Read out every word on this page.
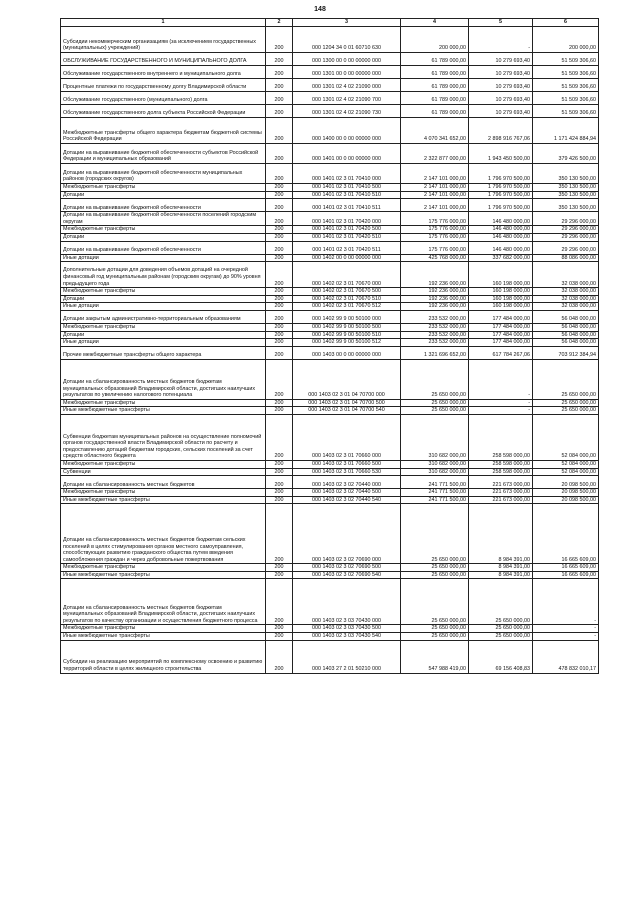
148
1	2	3	4	5	6
Субсидии некоммерческим организациям (за исключением государственных (муниципальных) учреждений)	200	000 1204 34 0 01 60710 630	200 000,00	-	200 000,00
ОБСЛУЖИВАНИЕ ГОСУДАРСТВЕННОГО И МУНИЦИПАЛЬНОГО ДОЛГА	200	000 1300 00 0 00 00000 000	61 789 000,00	10 279 693,40	51 509 306,60
Обслуживание государственного внутреннего и муниципального долга	200	000 1301 00 0 00 00000 000	61 789 000,00	10 279 693,40	51 509 306,60
Процентные платежи по государственному долгу Владимирской области	200	000 1301 02 4 02 21090 000	61 789 000,00	10 279 693,40	51 509 306,60
Обслуживание государственного (муниципального) долга	200	000 1301 02 4 02 21090 700	61 789 000,00	10 279 693,40	51 509 306,60
Обслуживание государственного долга субъекта Российской Федерации	200	000 1301 02 4 02 21090 730	61 789 000,00	10 279 693,40	51 509 306,60
Межбюджетные трансферты общего характера бюджетам бюджетной системы Российской Федерации	200	000 1400 00 0 00 00000 000	4 070 341 652,00	2 898 916 767,06	1 171 424 884,94
Дотации на выравнивание бюджетной обеспеченности субъектов Российской Федерации и муниципальных образований	200	000 1401 00 0 00 00000 000	2 322 877 000,00	1 943 450 500,00	379 426 500,00
Дотации на выравнивание бюджетной обеспеченности муниципальных районов (городских округов)	200	000 1401 02 3 01 70410 000	2 147 101 000,00	1 796 970 500,00	350 130 500,00
Межбюджетные трансферты	200	000 1401 02 3 01 70410 500	2 147 101 000,00	1 796 970 500,00	350 130 500,00
Дотации	200	000 1401 02 3 01 70410 510	2 147 101 000,00	1 796 970 500,00	350 130 500,00
Дотации на выравнивание бюджетной обеспеченности	200	000 1401 02 3 01 70410 511	2 147 101 000,00	1 796 970 500,00	350 130 500,00
Дотации на выравнивание бюджетной обеспеченности поселений городским округам	200	000 1401 02 3 01 70420 000	175 776 000,00	146 480 000,00	29 296 000,00
Межбюджетные трансферты	200	000 1401 02 3 01 70420 500	175 776 000,00	146 480 000,00	29 296 000,00
Дотации	200	000 1401 02 3 01 70420 510	175 776 000,00	146 480 000,00	29 296 000,00
Дотации на выравнивание бюджетной обеспеченности	200	000 1401 02 3 01 70420 511	175 776 000,00	146 480 000,00	29 296 000,00
Иные дотации	200	000 1402 00 0 00 00000 000	425 768 000,00	337 682 000,00	88 086 000,00
Дополнительные дотации для доведения объемов дотаций на очередной финансовый год муниципальным районам (городским округам) до 90% уровня предыдущего года	200	000 1402 02 3 01 70670 000	192 236 000,00	160 198 000,00	32 038 000,00
Межбюджетные трансферты	200	000 1402 02 3 01 70670 500	192 236 000,00	160 198 000,00	32 038 000,00
Дотации	200	000 1402 02 3 01 70670 510	192 236 000,00	160 198 000,00	32 038 000,00
Иные дотации	200	000 1402 02 3 01 70670 512	192 236 000,00	160 198 000,00	32 038 000,00
Дотации закрытым административно-территориальным образованиям	200	000 1402 99 9 00 50100 000	233 532 000,00	177 484 000,00	56 048 000,00
Межбюджетные трансферты	200	000 1402 99 9 00 50100 500	233 532 000,00	177 484 000,00	56 048 000,00
Дотации	200	000 1402 99 9 00 50100 510	233 532 000,00	177 484 000,00	56 048 000,00
Иные дотации	200	000 1402 99 9 00 50100 512	233 532 000,00	177 484 000,00	56 048 000,00
Прочие межбюджетные трансферты общего характера	200	000 1403 00 0 00 00000 000	1 321 696 652,00	617 784 267,06	703 912 384,94
Дотации на сбалансированность местных бюджетов бюджетам муниципальных образований Владимирской области, достигших наилучших результатов по увеличению налогового потенциала	200	000 1403 02 3 01 04 70700 000	25 650 000,00	-	25 650 000,00
Межбюджетные трансферты	200	000 1403 02 3 01 04 70700 500	25 650 000,00	-	25 650 000,00
Иные межбюджетные трансферты	200	000 1403 02 3 01 04 70700 540	25 650 000,00	-	25 650 000,00
Субвенции бюджетам муниципальных районов на осуществление полномочий органов государственной власти Владимирской области по расчету и предоставлению дотаций бюджетам городских, сельских поселений за счет средств областного бюджета	200	000 1403 02 3 01 70660 000	310 682 000,00	258 598 000,00	52 084 000,00
Межбюджетные трансферты	200	000 1403 02 3 01 70660 500	310 682 000,00	258 598 000,00	52 084 000,00
Субвенции	200	000 1403 02 3 01 70660 530	310 682 000,00	258 598 000,00	52 084 000,00
Дотации на сбалансированность местных бюджетов	200	000 1403 02 3 02 70440 000	241 771 500,00	221 673 000,00	20 098 500,00
Межбюджетные трансферты	200	000 1403 02 3 02 70440 500	241 771 500,00	221 673 000,00	20 098 500,00
Иные межбюджетные трансферты	200	000 1403 02 3 02 70440 540	241 771 500,00	221 673 000,00	20 098 500,00
Дотации на сбалансированность местных бюджетов бюджетам сельских поселений в целях стимулирования органов местного самоуправления, способствующих развитию гражданского общества путем введения самообложения граждан и через добровольные пожертвования	200	000 1403 02 3 02 70690 000	25 650 000,00	8 984 391,00	16 665 609,00
Межбюджетные трансферты	200	000 1403 02 3 02 70690 500	25 650 000,00	8 984 391,00	16 665 609,00
Иные межбюджетные трансферты	200	000 1403 02 3 02 70690 540	25 650 000,00	8 984 391,00	16 665 609,00
Дотации на сбалансированность местных бюджетов бюджетам муниципальных образований Владимирской области, достигших наилучших результатов по качеству организации и осуществления бюджетного процесса	200	000 1403 02 3 03 70430 000	25 650 000,00	25 650 000,00	-
Межбюджетные трансферты	200	000 1403 02 3 03 70430 500	25 650 000,00	25 650 000,00	-
Иные межбюджетные трансферты	200	000 1403 02 3 03 70430 540	25 650 000,00	25 650 000,00	-
Субсидии на реализацию мероприятий по комплексному освоению и развитию территорий области в целях жилищного строительства	200	000 1403 27 2 01 50210 000	547 988 419,00	69 156 408,83	478 832 010,17
